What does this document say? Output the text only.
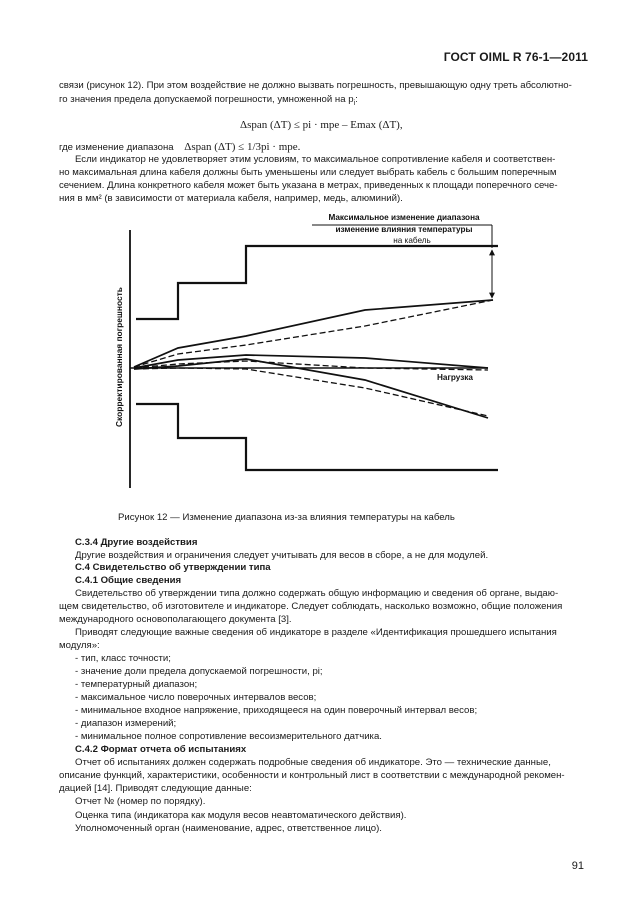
ГОСТ OIML R 76-1—2011
связи (рисунок 12). При этом воздействие не должно вызвать погрешность, превышающую одну треть абсолютно-
го значения предела допускаемой погрешности, умноженной на $p_i$:
Δspan (ΔT) ≤ pi · mpe – Emax (ΔT),
где изменение диапазона Δspan (ΔT) ≤ 1/3pi · mpe.
Если индикатор не удовлетворяет этим условиям, то максимальное сопротивление кабеля и соответствен-
но максимальная длина кабеля должны быть уменьшены или следует выбрать кабель с большим поперечным
сечением. Длина конкретного кабеля может быть указана в метрах, приведенных к площади поперечного сече-
ния в мм² (в зависимости от материала кабеля, например, медь, алюминий).
Скорректированная погрешность
Максимальное изменение диапазона
изменение влияния температуры
на кабель
Нагрузка
Рисунок 12 — Изменение диапазона из-за влияния температуры на кабель
С.3.4 Другие воздействия
Другие воздействия и ограничения следует учитывать для весов в сборе, а не для модулей.
С.4 Свидетельство об утверждении типа
С.4.1 Общие сведения
Свидетельство об утверждении типа должно содержать общую информацию и сведения об органе, выдаю-
щем свидетельство, об изготовителе и индикаторе. Следует соблюдать, насколько возможно, общие положения
международного основополагающего документа [3].
Приводят следующие важные сведения об индикаторе в разделе «Идентификация прошедшего испытания
модуля»:
- тип, класс точности;
- значение доли предела допускаемой погрешности, pi;
- температурный диапазон;
- максимальное число поверочных интервалов весов;
- минимальное входное напряжение, приходящееся на один поверочный интервал весов;
- диапазон измерений;
- минимальное полное сопротивление весоизмерительного датчика.
С.4.2 Формат отчета об испытаниях
Отчет об испытаниях должен содержать подробные сведения об индикаторе. Это — технические данные,
описание функций, характеристики, особенности и контрольный лист в соответствии с международной рекомен-
дацией [14]. Приводят следующие данные:
Отчет № (номер по порядку).
Оценка типа (индикатора как модуля весов неавтоматического действия).
Уполномоченный орган (наименование, адрес, ответственное лицо).
91
